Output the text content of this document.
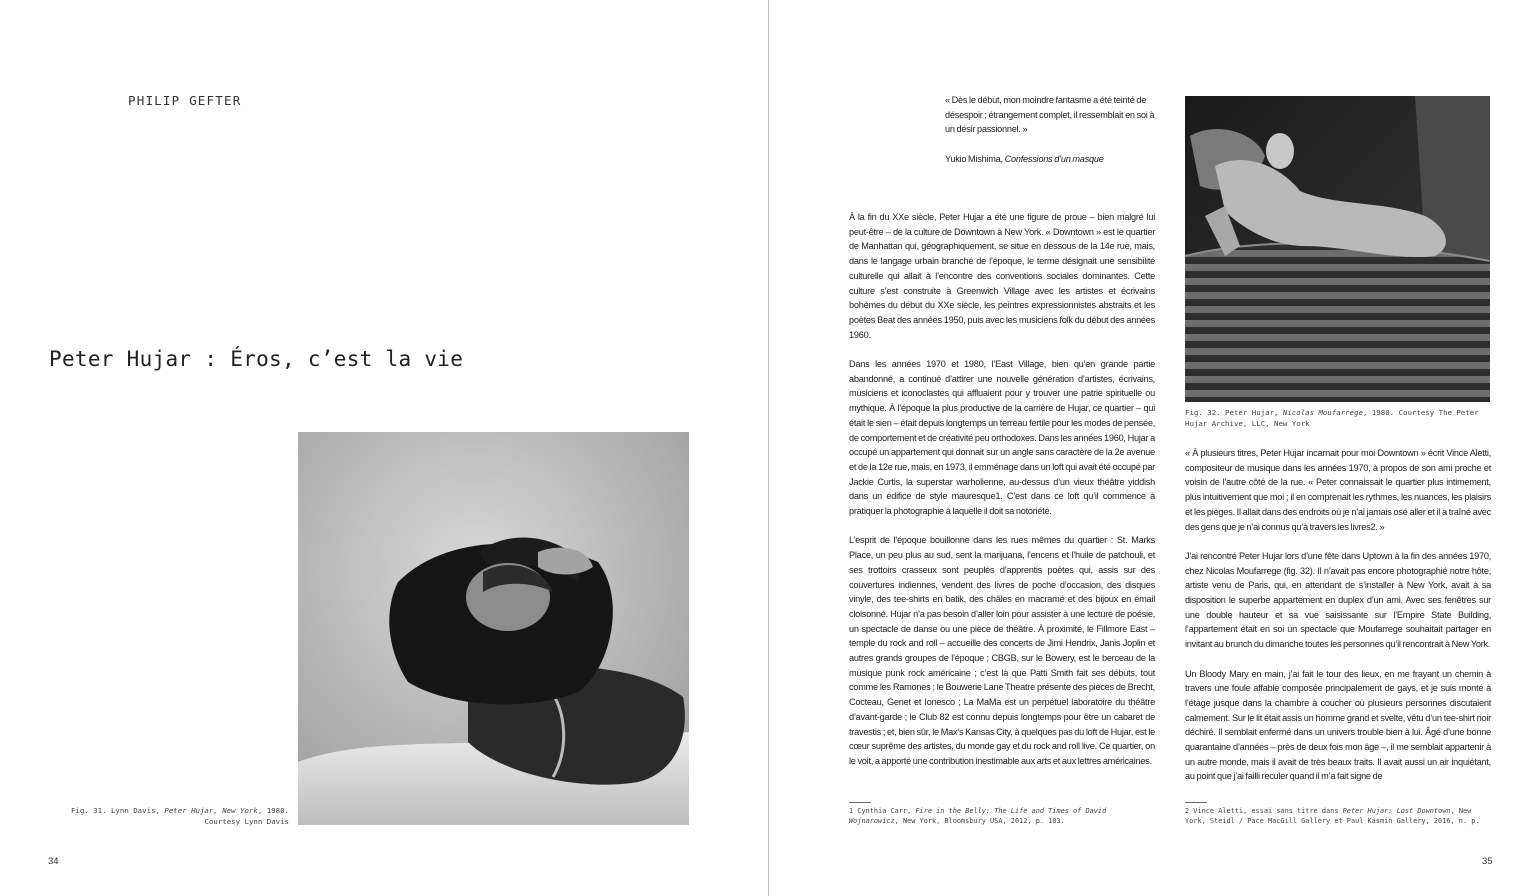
PHILIP GEFTER
Peter Hujar : Éros, c’est la vie
Fig. 31. Lynn Davis, Peter Hujar, New York, 1980. Courtesy Lynn Davis
34

« Dès le début, mon moindre fantasme a été teinté de désespoir ; étrangement complet, il ressemblait en soi à un désir passionnel. »

Yukio Mishima, Confessions d’un masque

À la fin du XXe siècle, Peter Hujar a été une figure de proue – bien malgré lui peut-être – de la culture de Downtown à New York. « Downtown » est le quartier de Manhattan qui, géographiquement, se situe en dessous de la 14e rue, mais, dans le langage urbain branché de l’époque, le terme désignait une sensibilité culturelle qui allait à l’encontre des conventions sociales dominantes. Cette culture s’est construite à Greenwich Village avec les artistes et écrivains bohèmes du début du XXe siècle, les peintres expressionnistes abstraits et les poètes Beat des années 1950, puis avec les musiciens folk du début des années 1960.

Dans les années 1970 et 1980, l’East Village, bien qu’en grande partie abandonné, a continué d’attirer une nouvelle génération d’artistes, écrivains, musiciens et iconoclastes qui affluaient pour y trouver une patrie spirituelle ou mythique. À l’époque la plus productive de la carrière de Hujar, ce quartier – qui était le sien – était depuis longtemps un terreau fertile pour les modes de pensée, de comportement et de créativité peu orthodoxes. Dans les années 1960, Hujar a occupé un appartement qui donnait sur un angle sans caractère de la 2e avenue et de la 12e rue, mais, en 1973, il emménage dans un loft qui avait été occupé par Jackie Curtis, la superstar warholienne, au-dessus d’un vieux théâtre yiddish dans un édifice de style mauresque1. C’est dans ce loft qu’il commence à pratiquer la photographie à laquelle il doit sa notoriété.

L’esprit de l’époque bouillonne dans les rues mêmes du quartier : St. Marks Place, un peu plus au sud, sent la marijuana, l’encens et l’huile de patchouli, et ses trottoirs crasseux sont peuplés d’apprentis poètes qui, assis sur des couvertures indiennes, vendent des livres de poche d’occasion, des disques vinyle, des tee-shirts en batik, des châles en macramé et des bijoux en émail cloisonné. Hujar n’a pas besoin d’aller loin pour assister à une lecture de poésie, un spectacle de danse ou une pièce de théâtre. À proximité, le Fillmore East – temple du rock and roll – accueille des concerts de Jimi Hendrix, Janis Joplin et autres grands groupes de l’époque ; CBGB, sur le Bowery, est le berceau de la musique punk rock américaine ; c’est là que Patti Smith fait ses débuts, tout comme les Ramones ; le Bouwerie Lane Theatre présente des pièces de Brecht, Cocteau, Genet et Ionesco ; La MaMa est un perpétuel laboratoire du théâtre d’avant-garde ; le Club 82 est connu depuis longtemps pour être un cabaret de travestis ; et, bien sûr, le Max’s Kansas City, à quelques pas du loft de Hujar, est le cœur suprême des artistes, du monde gay et du rock and roll live. Ce quartier, on le voit, a apporté une contribution inestimable aux arts et aux lettres américaines.

Fig. 32. Peter Hujar, Nicolas Moufarrege, 1980. Courtesy The Peter Hujar Archive, LLC, New York

« À plusieurs titres, Peter Hujar incarnait pour moi Downtown » écrit Vince Aletti, compositeur de musique dans les années 1970, à propos de son ami proche et voisin de l’autre côté de la rue. « Peter connaissait le quartier plus intimement, plus intuitivement que moi ; il en comprenait les rythmes, les nuances, les plaisirs et les pièges. Il allait dans des endroits où je n’ai jamais osé aller et il a traîné avec des gens que je n’ai connus qu’à travers les livres2. »

J’ai rencontré Peter Hujar lors d’une fête dans Uptown à la fin des années 1970, chez Nicolas Moufarrege (fig. 32). Il n’avait pas encore photographié notre hôte, artiste venu de Paris, qui, en attendant de s’installer à New York, avait à sa disposition le superbe appartement en duplex d’un ami. Avec ses fenêtres sur une double hauteur et sa vue saisissante sur l’Empire State Building, l’appartement était en soi un spectacle que Moufarrege souhaitait partager en invitant au brunch du dimanche toutes les personnes qu’il rencontrait à New York.

Un Bloody Mary en main, j’ai fait le tour des lieux, en me frayant un chemin à travers une foule affable composée principalement de gays, et je suis monté à l’étage jusque dans la chambre à coucher où plusieurs personnes discutaient calmement. Sur le lit était assis un homme grand et svelte, vêtu d’un tee-shirt noir déchiré. Il semblait enfermé dans un univers trouble bien à lui. Âgé d’une bonne quarantaine d’années – près de deux fois mon âge –, il me semblait appartenir à un autre monde, mais il avait de très beaux traits. Il avait aussi un air inquiétant, au point que j’ai failli reculer quand il m’a fait signe de

1 Cynthia Carr, Fire in the Belly: The Life and Times of David Wojnarowicz, New York, Bloomsbury USA, 2012, p. 183.
2 Vince Aletti, essai sans titre dans Peter Hujar: Lost Downtown, New York, Steidl / Pace MacGill Gallery et Paul Kasmin Gallery, 2016, n. p.
35
